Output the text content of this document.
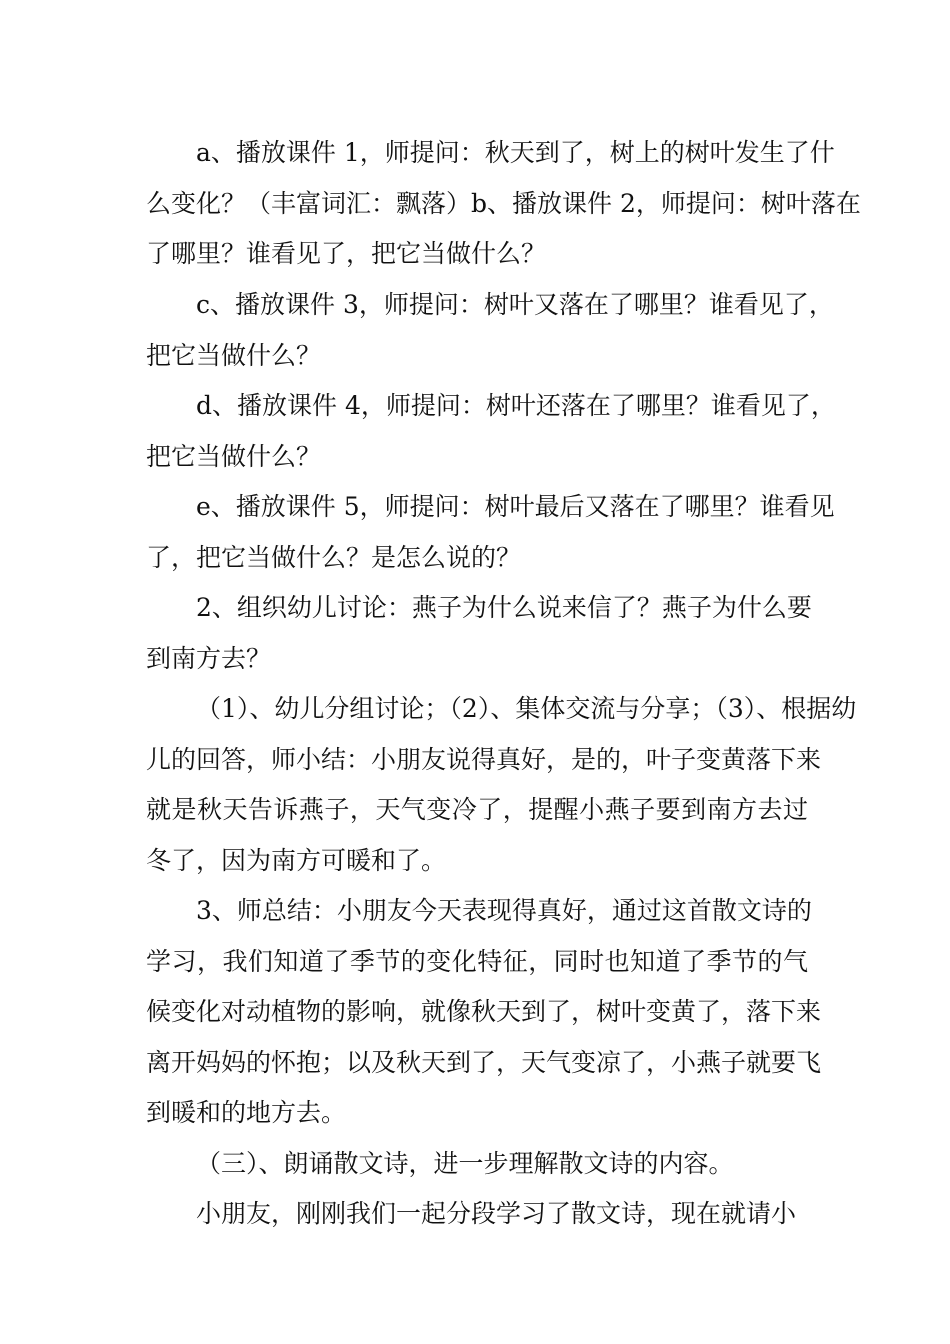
a、播放课件 1，师提问：秋天到了，树上的树叶发生了什
么变化？（丰富词汇：飘落）b、播放课件 2，师提问：树叶落在
了哪里？谁看见了，把它当做什么？
c、播放课件 3，师提问：树叶又落在了哪里？谁看见了，
把它当做什么？
d、播放课件 4，师提问：树叶还落在了哪里？谁看见了，
把它当做什么？
e、播放课件 5，师提问：树叶最后又落在了哪里？谁看见
了，把它当做什么？是怎么说的？
2、组织幼儿讨论：燕子为什么说来信了？燕子为什么要
到南方去？
（1）、幼儿分组讨论；（2）、集体交流与分享；（3）、根据幼
儿的回答，师小结：小朋友说得真好，是的，叶子变黄落下来
就是秋天告诉燕子，天气变冷了，提醒小燕子要到南方去过
冬了，因为南方可暖和了。
3、师总结：小朋友今天表现得真好，通过这首散文诗的
学习，我们知道了季节的变化特征，同时也知道了季节的气
候变化对动植物的影响，就像秋天到了，树叶变黄了，落下来
离开妈妈的怀抱；以及秋天到了，天气变凉了，小燕子就要飞
到暖和的地方去。
（三）、朗诵散文诗，进一步理解散文诗的内容。
小朋友，刚刚我们一起分段学习了散文诗，现在就请小
